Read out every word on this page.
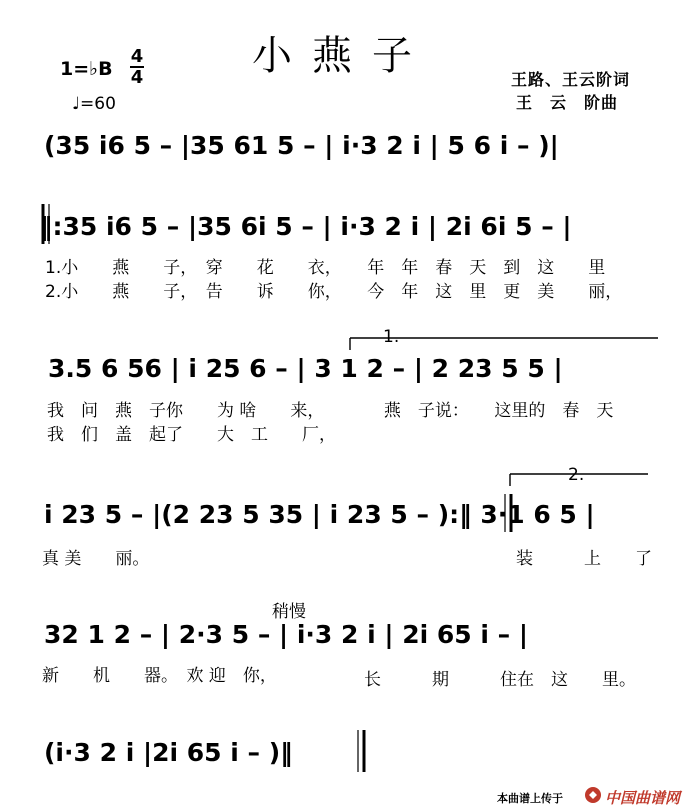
小燕子
1=♭B
4
4
♩=60
王路、王云阶词
王　云　阶曲
(35 i6 5 – |35 61 5 – | i·3 2 i | 5 6 i – )|
‖:35 i6 5 – |35 6i 5 – | i·3 2 i | 2i 6i 5 – |
1.小　　燕　　子，　穿　　花　　衣，　　年　年　春　天　到　这　　里
2.小　　燕　　子，　告　　诉　　你，　　今　年　这　里　更　美　　丽，
1.
3.5 6 56 | i 25 6 – | 3 1 2 – | 2 23 5 5 |
我　问　燕　子你　　为 啥　　来，　　　　燕　子说：　　这里的　春　天
我　们　盖　起了　　大　工　　厂，
2.
i 23 5 – |(2 23 5 35 | i 23 5 – ):‖ 3·1 6 5 |
真 美　　丽。	装　　　上　　了
稍慢
32 1 2 – | 2·3 5 – | i·3 2 i | 2i 65 i – |
新　　机　　器。　欢 迎　你，	长　　　期　　　住在　这　　里。
(i·3 2 i |2i 65 i – )‖
本曲谱上传于	中国曲谱网
